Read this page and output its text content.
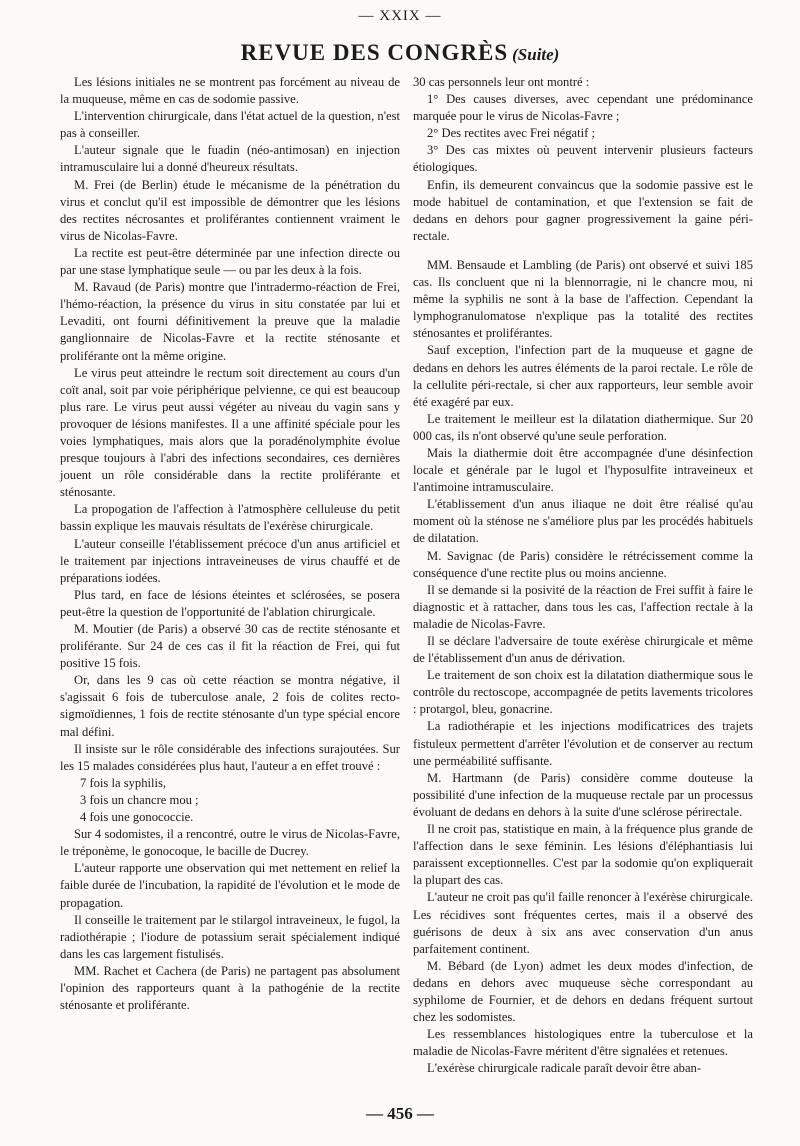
— XXIX —
REVUE DES CONGRÈS (Suite)

Les lésions initiales ne se montrent pas forcément au niveau de la muqueuse, même en cas de sodomie passive.

L'intervention chirurgicale, dans l'état actuel de la question, n'est pas à conseiller.

L'auteur signale que le fuadin (néo-antimosan) en injection intramusculaire lui a donné d'heureux résultats.

M. Frei (de Berlin) étude le mécanisme de la pénétration du virus et conclut qu'il est impossible de démontrer que les lésions des rectites nécrosantes et proliférantes contiennent vraiment le virus de Nicolas-Favre.

La rectite est peut-être déterminée par une infection directe ou par une stase lymphatique seule — ou par les deux à la fois.

M. Ravaud (de Paris) montre que l'intradermo-réaction de Frei, l'hémo-réaction, la présence du virus in situ constatée par lui et Levaditi, ont fourni définitivement la preuve que la maladie ganglionnaire de Nicolas-Favre et la rectite sténosante et proliférante ont la même origine.

Le virus peut atteindre le rectum soit directement au cours d'un coït anal, soit par voie périphérique pelvienne, ce qui est beaucoup plus rare. Le virus peut aussi végéter au niveau du vagin sans y provoquer de lésions manifestes. Il a une affinité spéciale pour les voies lymphatiques, mais alors que la poradénolymphite évolue presque toujours à l'abri des infections secondaires, ces dernières jouent un rôle considérable dans la rectite proliférante et sténosante.

La propogation de l'affection à l'atmosphère celluleuse du petit bassin explique les mauvais résultats de l'exérèse chirurgicale.

L'auteur conseille l'établissement précoce d'un anus artificiel et le traitement par injections intraveineuses de virus chauffé et de préparations iodées.

Plus tard, en face de lésions éteintes et sclérosées, se posera peut-être la question de l'opportunité de l'ablation chirurgicale.

M. Moutier (de Paris) a observé 30 cas de rectite sténosante et proliférante. Sur 24 de ces cas il fit la réaction de Frei, qui fut positive 15 fois.

Or, dans les 9 cas où cette réaction se montra négative, il s'agissait 6 fois de tuberculose anale, 2 fois de colites recto-sigmoïdiennes, 1 fois de rectite sténosante d'un type spécial encore mal défini.

Il insiste sur le rôle considérable des infections surajoutées. Sur les 15 malades considérées plus haut, l'auteur a en effet trouvé :

7 fois la syphilis,

3 fois un chancre mou ;

4 fois une gonococcie.

Sur 4 sodomistes, il a rencontré, outre le virus de Nicolas-Favre, le tréponème, le gonocoque, le bacille de Ducrey.

L'auteur rapporte une observation qui met nettement en relief la faible durée de l'incubation, la rapidité de l'évolution et le mode de propagation.

Il conseille le traitement par le stilargol intraveineux, le fugol, la radiothérapie ; l'iodure de potassium serait spécialement indiqué dans les cas largement fistulisés.

MM. Rachet et Cachera (de Paris) ne partagent pas absolument l'opinion des rapporteurs quant à la pathogénie de la rectite sténosante et proliférante.

30 cas personnels leur ont montré :

1° Des causes diverses, avec cependant une prédominance marquée pour le virus de Nicolas-Favre ;

2° Des rectites avec Frei négatif ;

3° Des cas mixtes où peuvent intervenir plusieurs facteurs étiologiques.

Enfin, ils demeurent convaincus que la sodomie passive est le mode habituel de contamination, et que l'extension se fait de dedans en dehors pour gagner progressivement la gaine péri-rectale.

MM. Bensaude et Lambling (de Paris) ont observé et suivi 185 cas. Ils concluent que ni la blennorragie, ni le chancre mou, ni même la syphilis ne sont à la base de l'affection. Cependant la lymphogranulomatose n'explique pas la totalité des rectites sténosantes et proliférantes.

Sauf exception, l'infection part de la muqueuse et gagne de dedans en dehors les autres éléments de la paroi rectale. Le rôle de la cellulite péri-rectale, si cher aux rapporteurs, leur semble avoir été exagéré par eux.

Le traitement le meilleur est la dilatation diathermique. Sur 20 000 cas, ils n'ont observé qu'une seule perforation.

Mais la diathermie doit être accompagnée d'une désinfection locale et générale par le lugol et l'hyposulfite intraveineux et l'antimoine intramusculaire.

L'établissement d'un anus iliaque ne doit être réalisé qu'au moment où la sténose ne s'améliore plus par les procédés habituels de dilatation.

M. Savignac (de Paris) considère le rétrécissement comme la conséquence d'une rectite plus ou moins ancienne.

Il se demande si la posivité de la réaction de Frei suffit à faire le diagnostic et à rattacher, dans tous les cas, l'affection rectale à la maladie de Nicolas-Favre.

Il se déclare l'adversaire de toute exérèse chirurgicale et même de l'établissement d'un anus de dérivation.

Le traitement de son choix est la dilatation diathermique sous le contrôle du rectoscope, accompagnée de petits lavements tricolores : protargol, bleu, gonacrine.

La radiothérapie et les injections modificatrices des trajets fistuleux permettent d'arrêter l'évolution et de conserver au rectum une perméabilité suffisante.

M. Hartmann (de Paris) considère comme douteuse la possibilité d'une infection de la muqueuse rectale par un processus évoluant de dedans en dehors à la suite d'une sclérose périrectale.

Il ne croit pas, statistique en main, à la fréquence plus grande de l'affection dans le sexe féminin. Les lésions d'éléphantiasis lui paraissent exceptionnelles. C'est par la sodomie qu'on expliquerait la plupart des cas.

L'auteur ne croit pas qu'il faille renoncer à l'exérèse chirurgicale. Les récidives sont fréquentes certes, mais il a observé des guérisons de deux à six ans avec conservation d'un anus parfaitement continent.

M. Bébard (de Lyon) admet les deux modes d'infection, de dedans en dehors avec muqueuse sèche correspondant au syphilome de Fournier, et de dehors en dedans fréquent surtout chez les sodomistes.

Les ressemblances histologiques entre la tuberculose et la maladie de Nicolas-Favre méritent d'être signalées et retenues.

L'exérèse chirurgicale radicale paraît devoir être aban-

— 456 —
